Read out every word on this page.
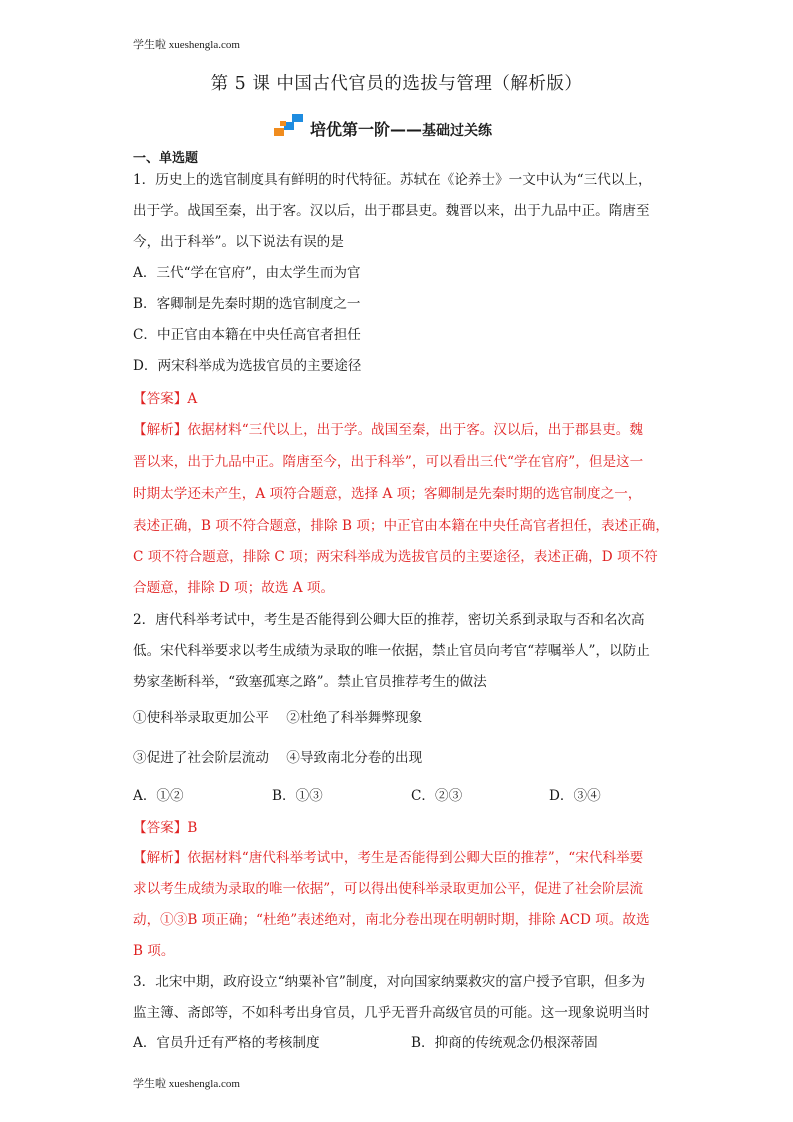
学生啦 xueshengla.com
第 5 课 中国古代官员的选拔与管理（解析版）
培优第一阶——基础过关练
一、单选题
1．历史上的选官制度具有鲜明的时代特征。苏轼在《论养士》一文中认为“三代以上，
出于学。战国至秦，出于客。汉以后，出于郡县吏。魏晋以来，出于九品中正。隋唐至
今，出于科举”。以下说法有误的是
A．三代“学在官府”，由太学生而为官
B．客卿制是先秦时期的选官制度之一
C．中正官由本籍在中央任高官者担任
D．两宋科举成为选拔官员的主要途径
【答案】A
【解析】依据材料“三代以上，出于学。战国至秦，出于客。汉以后，出于郡县吏。魏
晋以来，出于九品中正。隋唐至今，出于科举”，可以看出三代“学在官府”，但是这一
时期太学还未产生，A 项符合题意，选择 A 项；客卿制是先秦时期的选官制度之一，
表述正确，B 项不符合题意，排除 B 项；中正官由本籍在中央任高官者担任，表述正确，
C 项不符合题意，排除 C 项；两宋科举成为选拔官员的主要途径，表述正确，D 项不符
合题意，排除 D 项；故选 A 项。
2．唐代科举考试中，考生是否能得到公卿大臣的推荐，密切关系到录取与否和名次高
低。宋代科举要求以考生成绩为录取的唯一依据，禁止官员向考官“荐嘱举人”，以防止
势家垄断科举，“致塞孤寒之路”。禁止官员推荐考生的做法
①使科举录取更加公平    ②杜绝了科举舞弊现象
③促进了社会阶层流动    ④导致南北分卷的出现
A．①②	B．①③	C．②③	D．③④
【答案】B
【解析】依据材料“唐代科举考试中，考生是否能得到公卿大臣的推荐”，“宋代科举要
求以考生成绩为录取的唯一依据”，可以得出使科举录取更加公平，促进了社会阶层流
动，①③B 项正确；“杜绝”表述绝对，南北分卷出现在明朝时期，排除 ACD 项。故选
B 项。
3．北宋中期，政府设立“纳粟补官”制度，对向国家纳粟救灾的富户授予官职，但多为
监主簿、斋郎等，不如科考出身官员，几乎无晋升高级官员的可能。这一现象说明当时
A．官员升迁有严格的考核制度	B．抑商的传统观念仍根深蒂固
学生啦 xueshengla.com
